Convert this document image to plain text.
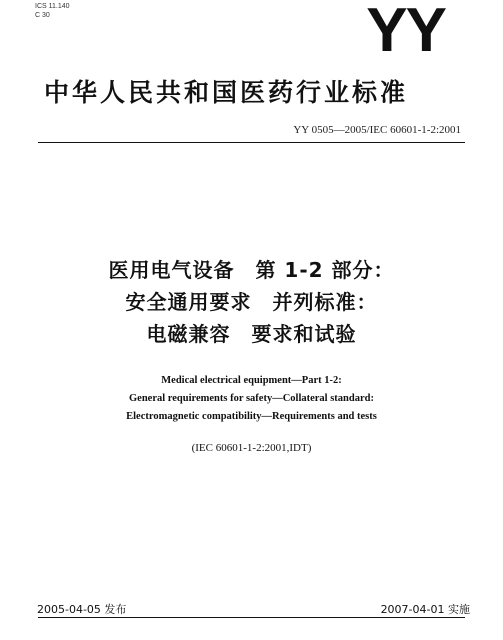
ICS 11.140
C 30	YY
中华人民共和国医药行业标准
YY 0505—2005/IEC 60601-1-2:2001
医用电气设备　第 1-2 部分：
安全通用要求　并列标准：
电磁兼容　要求和试验
Medical electrical equipment—Part 1-2:
General requirements for safety—Collateral standard:
Electromagnetic compatibility—Requirements and tests
(IEC 60601-1-2:2001,IDT)
2005-04-05 发布	2007-04-01 实施
